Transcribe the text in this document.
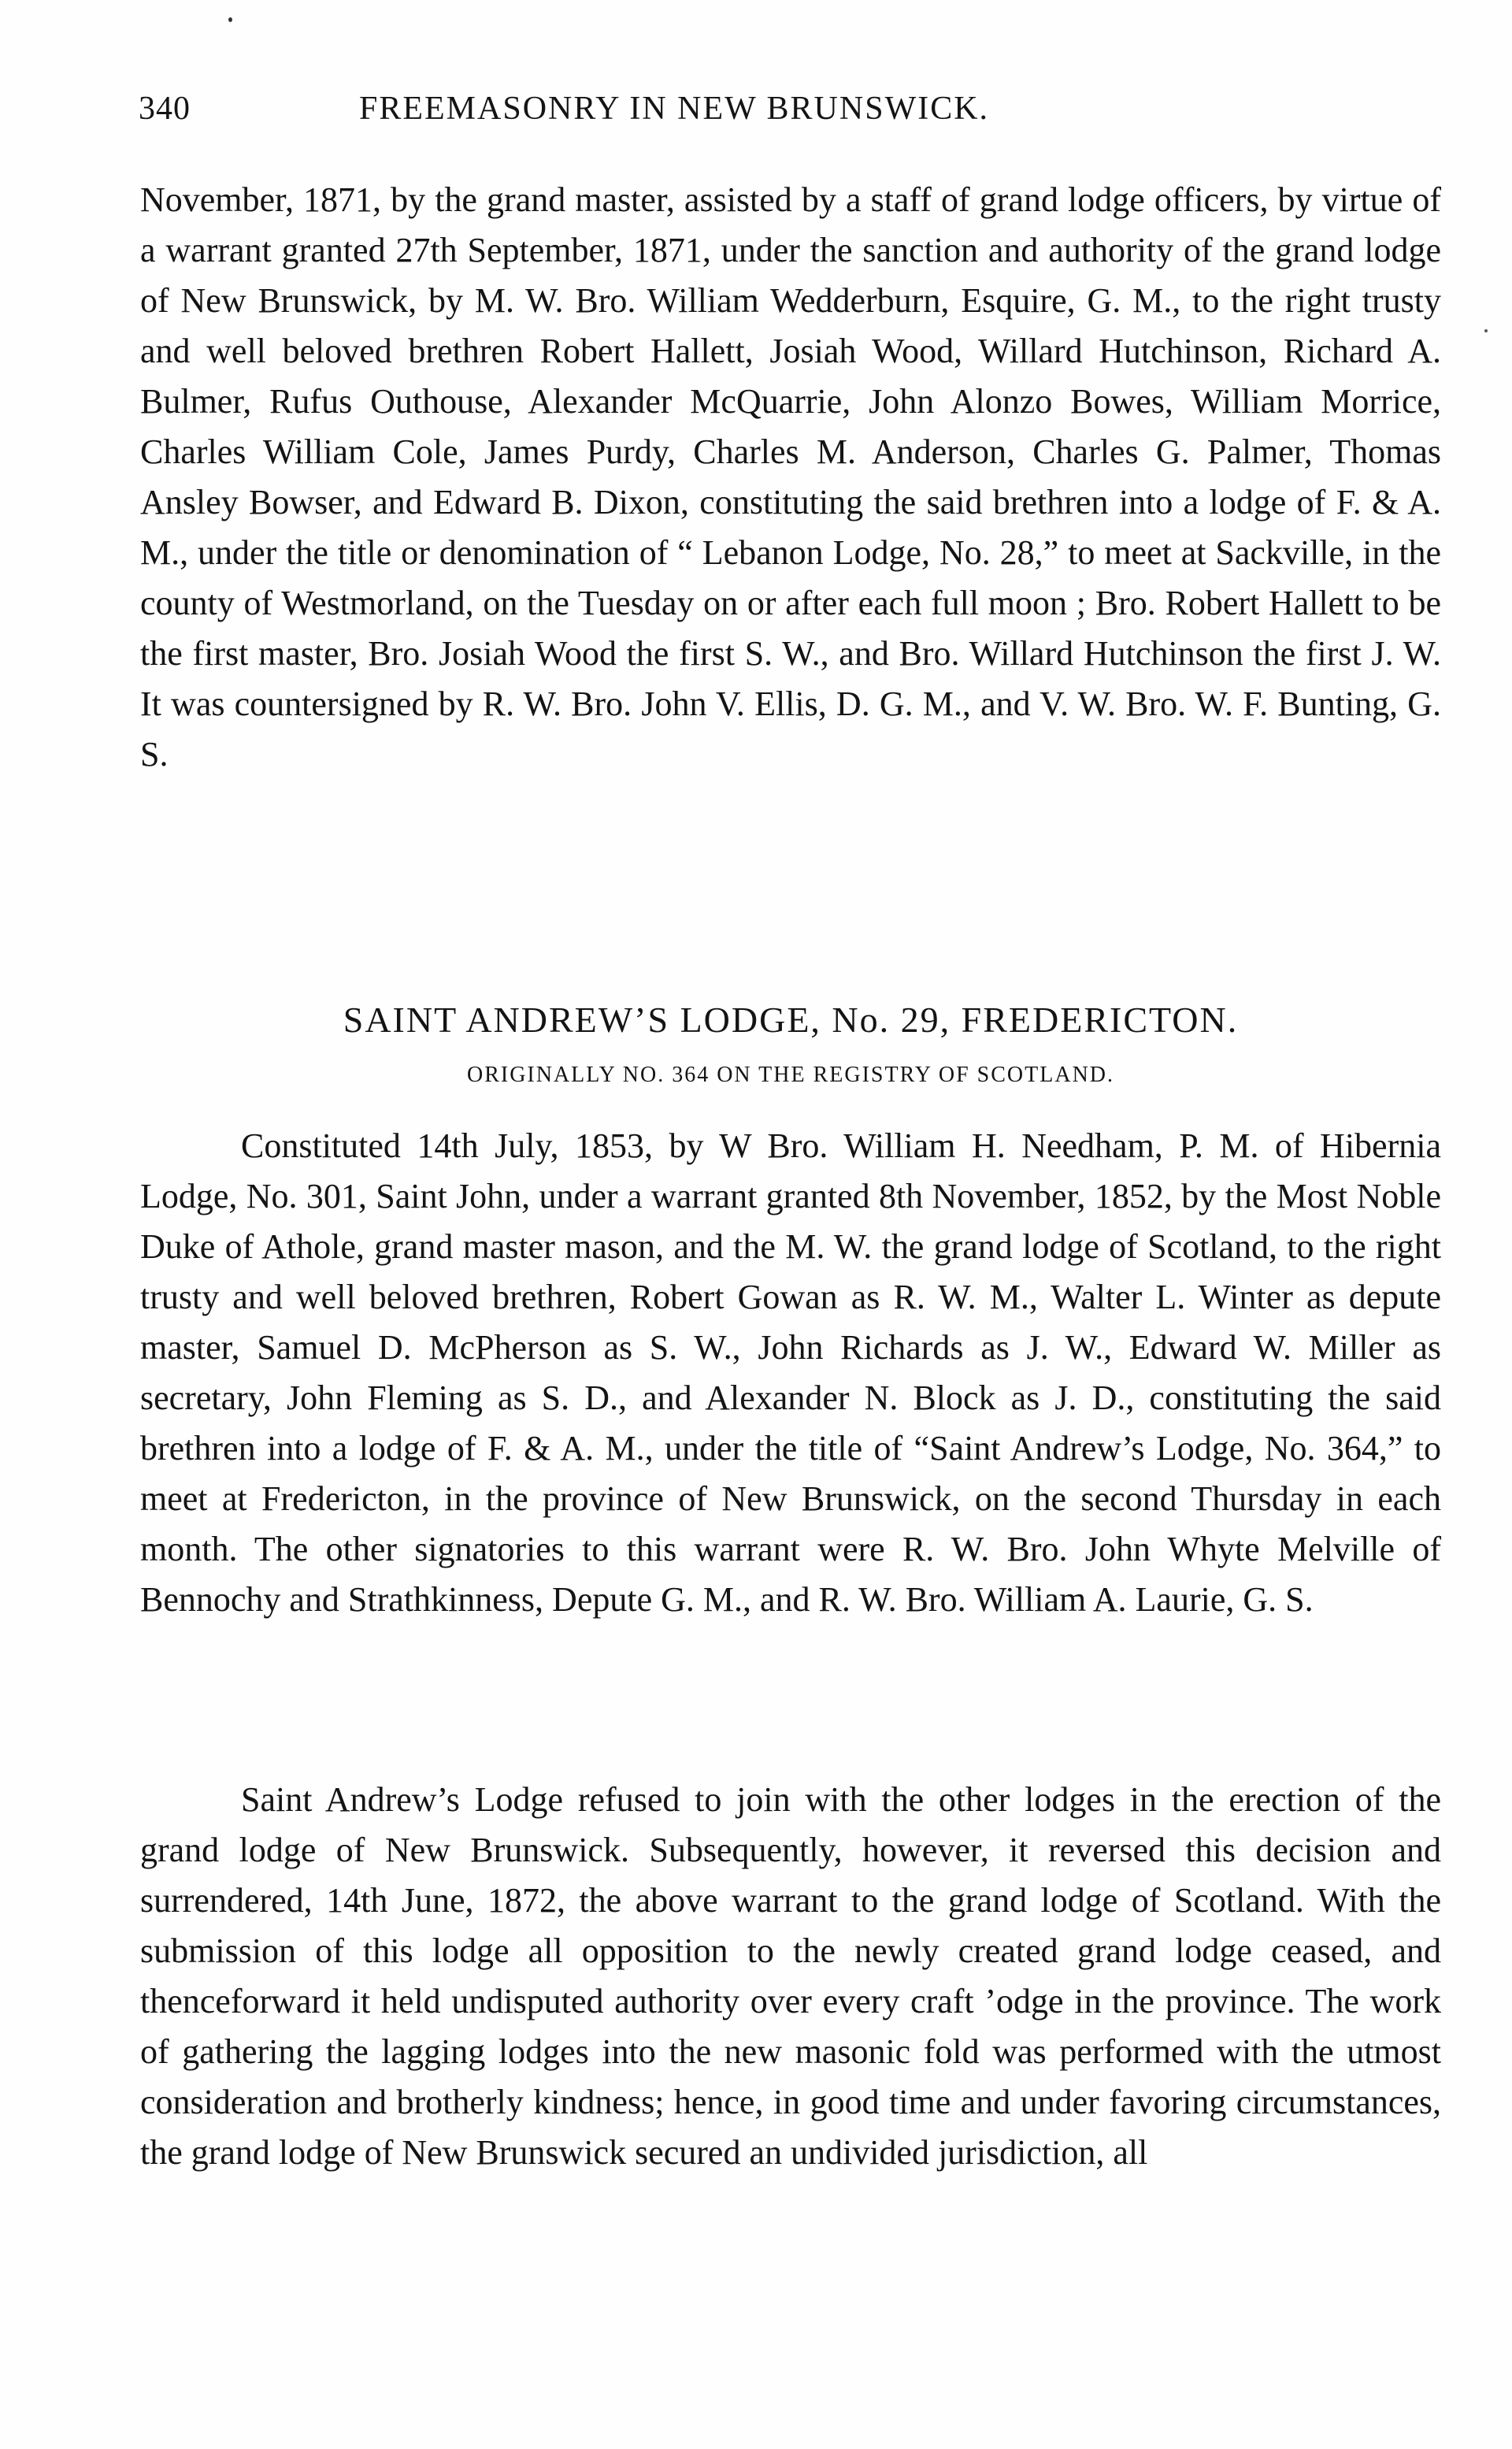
340	FREEMASONRY IN NEW BRUNSWICK.

November, 1871, by the grand master, assisted by a staff of grand lodge officers, by virtue of a warrant granted 27th September, 1871, under the sanction and authority of the grand lodge of New Brunswick, by M. W. Bro. William Wedderburn, Esquire, G. M., to the right trusty and well beloved brethren Robert Hallett, Josiah Wood, Willard Hutchinson, Richard A. Bulmer, Rufus Outhouse, Alexander McQuarrie, John Alonzo Bowes, William Morrice, Charles William Cole, James Purdy, Charles M. Anderson, Charles G. Palmer, Thomas Ansley Bowser, and Edward B. Dixon, constituting the said brethren into a lodge of F. & A. M., under the title or denomination of “ Lebanon Lodge, No. 28,” to meet at Sackville, in the county of Westmorland, on the Tuesday on or after each full moon ; Bro. Robert Hallett to be the first master, Bro. Josiah Wood the first S. W., and Bro. Willard Hutchinson the first J. W. It was countersigned by R. W. Bro. John V. Ellis, D. G. M., and V. W. Bro. W. F. Bunting, G. S.

SAINT ANDREW’S LODGE, No. 29, FREDERICTON.
ORIGINALLY NO. 364 ON THE REGISTRY OF SCOTLAND.

Constituted 14th July, 1853, by W Bro. William H. Needham, P. M. of Hibernia Lodge, No. 301, Saint John, under a warrant granted 8th November, 1852, by the Most Noble Duke of Athole, grand master mason, and the M. W. the grand lodge of Scotland, to the right trusty and well beloved brethren, Robert Gowan as R. W. M., Walter L. Winter as depute master, Samuel D. McPherson as S. W., John Richards as J. W., Edward W. Miller as secretary, John Fleming as S. D., and Alexander N. Block as J. D., constituting the said brethren into a lodge of F. & A. M., under the title of “Saint Andrew’s Lodge, No. 364,” to meet at Fredericton, in the province of New Brunswick, on the second Thursday in each month. The other signatories to this warrant were R. W. Bro. John Whyte Melville of Bennochy and Strathkinness, Depute G. M., and R. W. Bro. William A. Laurie, G. S.

Saint Andrew’s Lodge refused to join with the other lodges in the erection of the grand lodge of New Brunswick. Subsequently, however, it reversed this decision and surrendered, 14th June, 1872, the above warrant to the grand lodge of Scotland. With the submission of this lodge all opposition to the newly created grand lodge ceased, and thenceforward it held undisputed authority over every craft ’odge in the province. The work of gathering the lagging lodges into the new masonic fold was performed with the utmost consideration and brotherly kindness; hence, in good time and under favoring circumstances, the grand lodge of New Brunswick secured an undivided jurisdiction, all
